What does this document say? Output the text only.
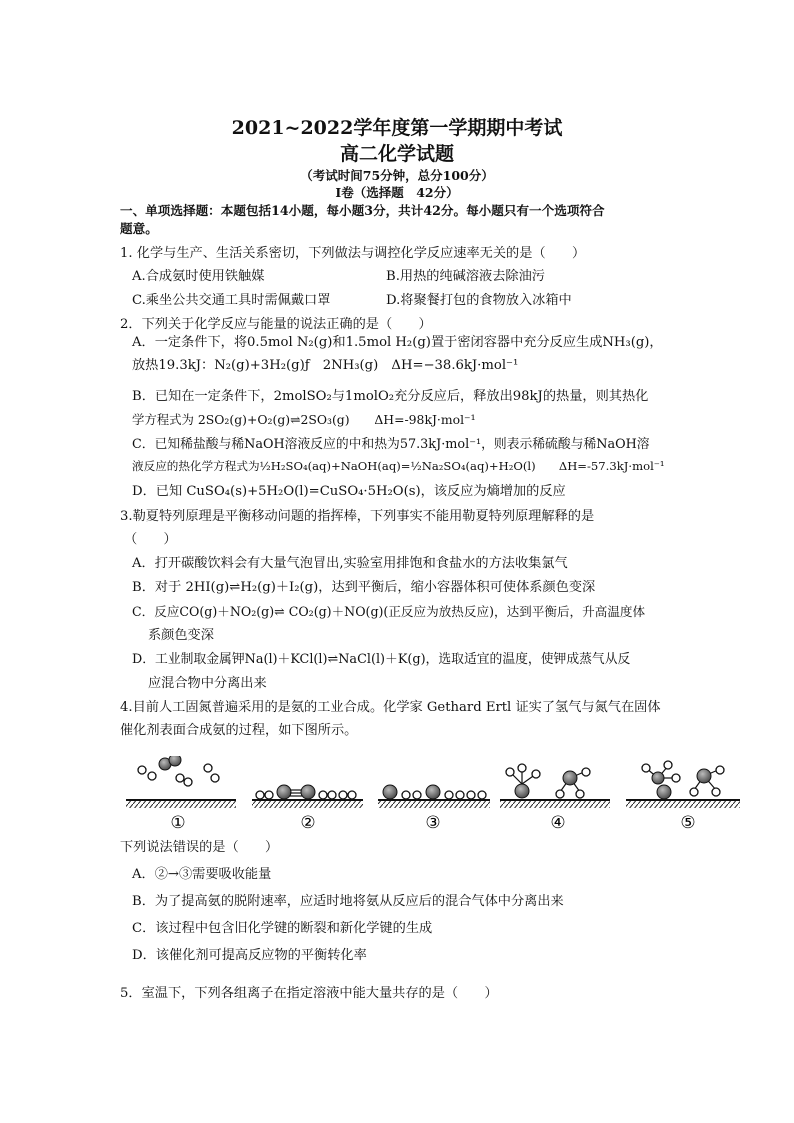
2021~2022学年度第一学期期中考试
高二化学试题
（考试时间75分钟，总分100分）
I卷（选择题　42分）
一、单项选择题：本题包括14小题，每小题3分，共计42分。每小题只有一个选项符合
题意。
1. 化学与生产、生活关系密切，下列做法与调控化学反应速率无关的是（　　）
A.合成氨时使用铁触媒	B.用热的纯碱溶液去除油污
C.乘坐公共交通工具时需佩戴口罩	D.将聚餐打包的食物放入冰箱中
2．下列关于化学反应与能量的说法正确的是（　　）
A．一定条件下，将0.5mol N₂(g)和1.5mol H₂(g)置于密闭容器中充分反应生成NH₃(g)，
放热19.3kJ：N₂(g)+3H₂(g)ƒ　2NH₃(g)　ΔH=−38.6kJ·mol⁻¹
B．已知在一定条件下，2molSO₂与1molO₂充分反应后，释放出98kJ的热量，则其热化
学方程式为 2SO₂(g)+O₂(g)⇌2SO₃(g)　　ΔH=-98kJ·mol⁻¹
C．已知稀盐酸与稀NaOH溶液反应的中和热为57.3kJ·mol⁻¹，则表示稀硫酸与稀NaOH溶
液反应的热化学方程式为½H₂SO₄(aq)+NaOH(aq)=½Na₂SO₄(aq)+H₂O(l)　　ΔH=-57.3kJ·mol⁻¹
D．已知 CuSO₄(s)+5H₂O(l)=CuSO₄·5H₂O(s)，该反应为熵增加的反应
3.勒夏特列原理是平衡移动问题的指挥棒，下列事实不能用勒夏特列原理解释的是
（　　）
A．打开碳酸饮料会有大量气泡冒出,实验室用排饱和食盐水的方法收集氯气
B．对于 2HI(g)⇌H₂(g)＋I₂(g)，达到平衡后，缩小容器体积可使体系颜色变深
C．反应CO(g)＋NO₂(g)⇌ CO₂(g)＋NO(g)(正反应为放热反应)，达到平衡后，升高温度体
系颜色变深
D．工业制取金属钾Na(l)＋KCl(l)⇌NaCl(l)＋K(g)，选取适宜的温度，使钾成蒸气从反
应混合物中分离出来
4.目前人工固氮普遍采用的是氨的工业合成。化学家 Gethard Ertl 证实了氢气与氮气在固体
催化剂表面合成氨的过程，如下图所示。
①	②	③	④	⑤
下列说法错误的是（　　）
A．②→③需要吸收能量
B．为了提高氨的脱附速率，应适时地将氨从反应后的混合气体中分离出来
C．该过程中包含旧化学键的断裂和新化学键的生成
D．该催化剂可提高反应物的平衡转化率
5．室温下，下列各组离子在指定溶液中能大量共存的是（　　）
